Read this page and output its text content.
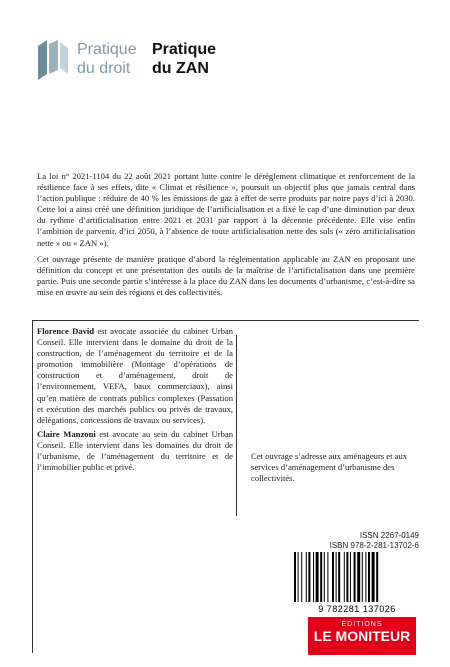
Pratique
du droit
Pratique
du ZAN

La loi n° 2021-1104 du 22 août 2021 portant lutte contre le dérèglement climatique et renforcement de la résilience face à ses effets, dite « Climat et résilience », poursuit un objectif plus que jamais central dans l’action publique : réduire de 40 % les émissions de gaz à effet de serre produits par notre pays d’ici à 2030. Cette loi a ainsi créé une définition juridique de l’artificialisation et a fixé le cap d’une diminution par deux du rythme d’artificialisation entre 2021 et 2031 par rapport à la décennie précédente. Elle vise enfin l’ambition de parvenir, d’ici 2050, à l’absence de toute artificialisation nette des sols (« zéro artificialisation nette » ou « ZAN »).

Cet ouvrage présente de manière pratique d’abord la réglementation applicable au ZAN en proposant une définition du concept et une présentation des outils de la maîtrise de l’artificialisation dans une première partie. Puis une seconde partie s’intéresse à la place du ZAN dans les documents d’urbanisme, c’est-à-dire sa mise en œuvre au sein des régions et des collectivités.

Florence David est avocate associée du cabinet Urban Conseil. Elle intervient dans le domaine du droit de la construction, de l’aménagement du territoire et de la promotion immobilière (Montage d’opérations de construction et d’aménagement, droit de l’environnement, VEFA, baux commerciaux), ainsi qu’en matière de contrats publics complexes (Passation et exécution des marchés publics ou privés de travaux, délégations, concessions de travaux ou services).

Claire Manzoni est avocate au sein du cabinet Urban Conseil. Elle intervient dans les domaines du droit de l’urbanisme, de l’aménagement du territoire et de l’immobilier public et privé.

Cet ouvrage s’adresse aux aménageurs et aux services d’aménagement d’urbanisme des collectivités.
ISSN 2267-0149
ISBN 978-2-281-13702-6
9 782281 137026
ÉDITIONS
LE MONITEUR
